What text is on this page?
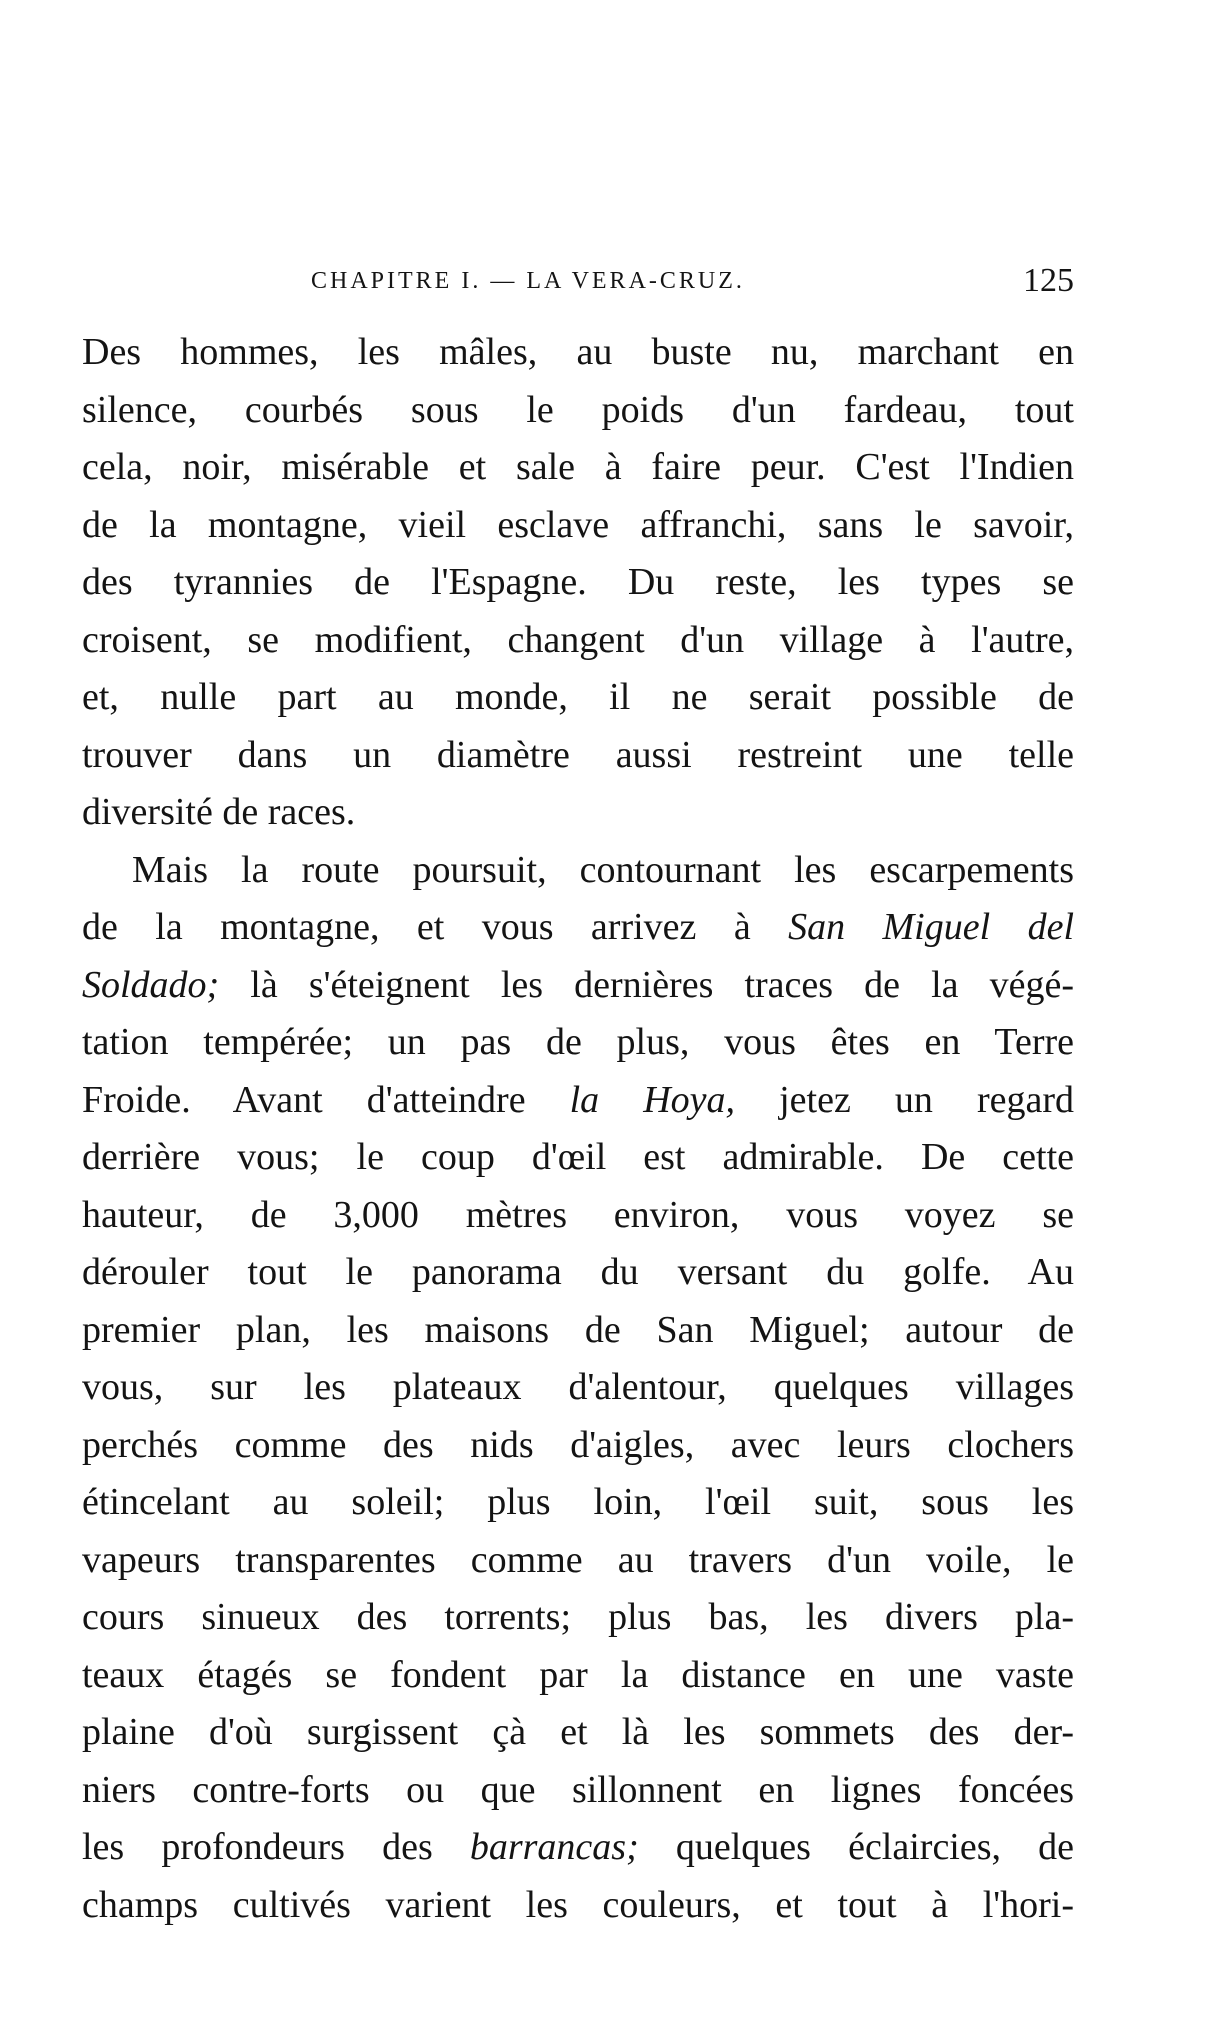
CHAPITRE I. — LA VERA-CRUZ.	125
Des hommes, les mâles, au buste nu, marchant en
silence, courbés sous le poids d'un fardeau, tout
cela, noir, misérable et sale à faire peur. C'est l'Indien
de la montagne, vieil esclave affranchi, sans le savoir,
des tyrannies de l'Espagne. Du reste, les types se
croisent, se modifient, changent d'un village à l'autre,
et, nulle part au monde, il ne serait possible de
trouver dans un diamètre aussi restreint une telle
diversité de races.
Mais la route poursuit, contournant les escarpements
de la montagne, et vous arrivez à San Miguel del
Soldado; là s'éteignent les dernières traces de la végé-
tation tempérée; un pas de plus, vous êtes en Terre
Froide. Avant d'atteindre la Hoya, jetez un regard
derrière vous; le coup d'œil est admirable. De cette
hauteur, de 3,000 mètres environ, vous voyez se
dérouler tout le panorama du versant du golfe. Au
premier plan, les maisons de San Miguel; autour de
vous, sur les plateaux d'alentour, quelques villages
perchés comme des nids d'aigles, avec leurs clochers
étincelant au soleil; plus loin, l'œil suit, sous les
vapeurs transparentes comme au travers d'un voile, le
cours sinueux des torrents; plus bas, les divers pla-
teaux étagés se fondent par la distance en une vaste
plaine d'où surgissent çà et là les sommets des der-
niers contre-forts ou que sillonnent en lignes foncées
les profondeurs des barrancas; quelques éclaircies, de
champs cultivés varient les couleurs, et tout à l'hori-
